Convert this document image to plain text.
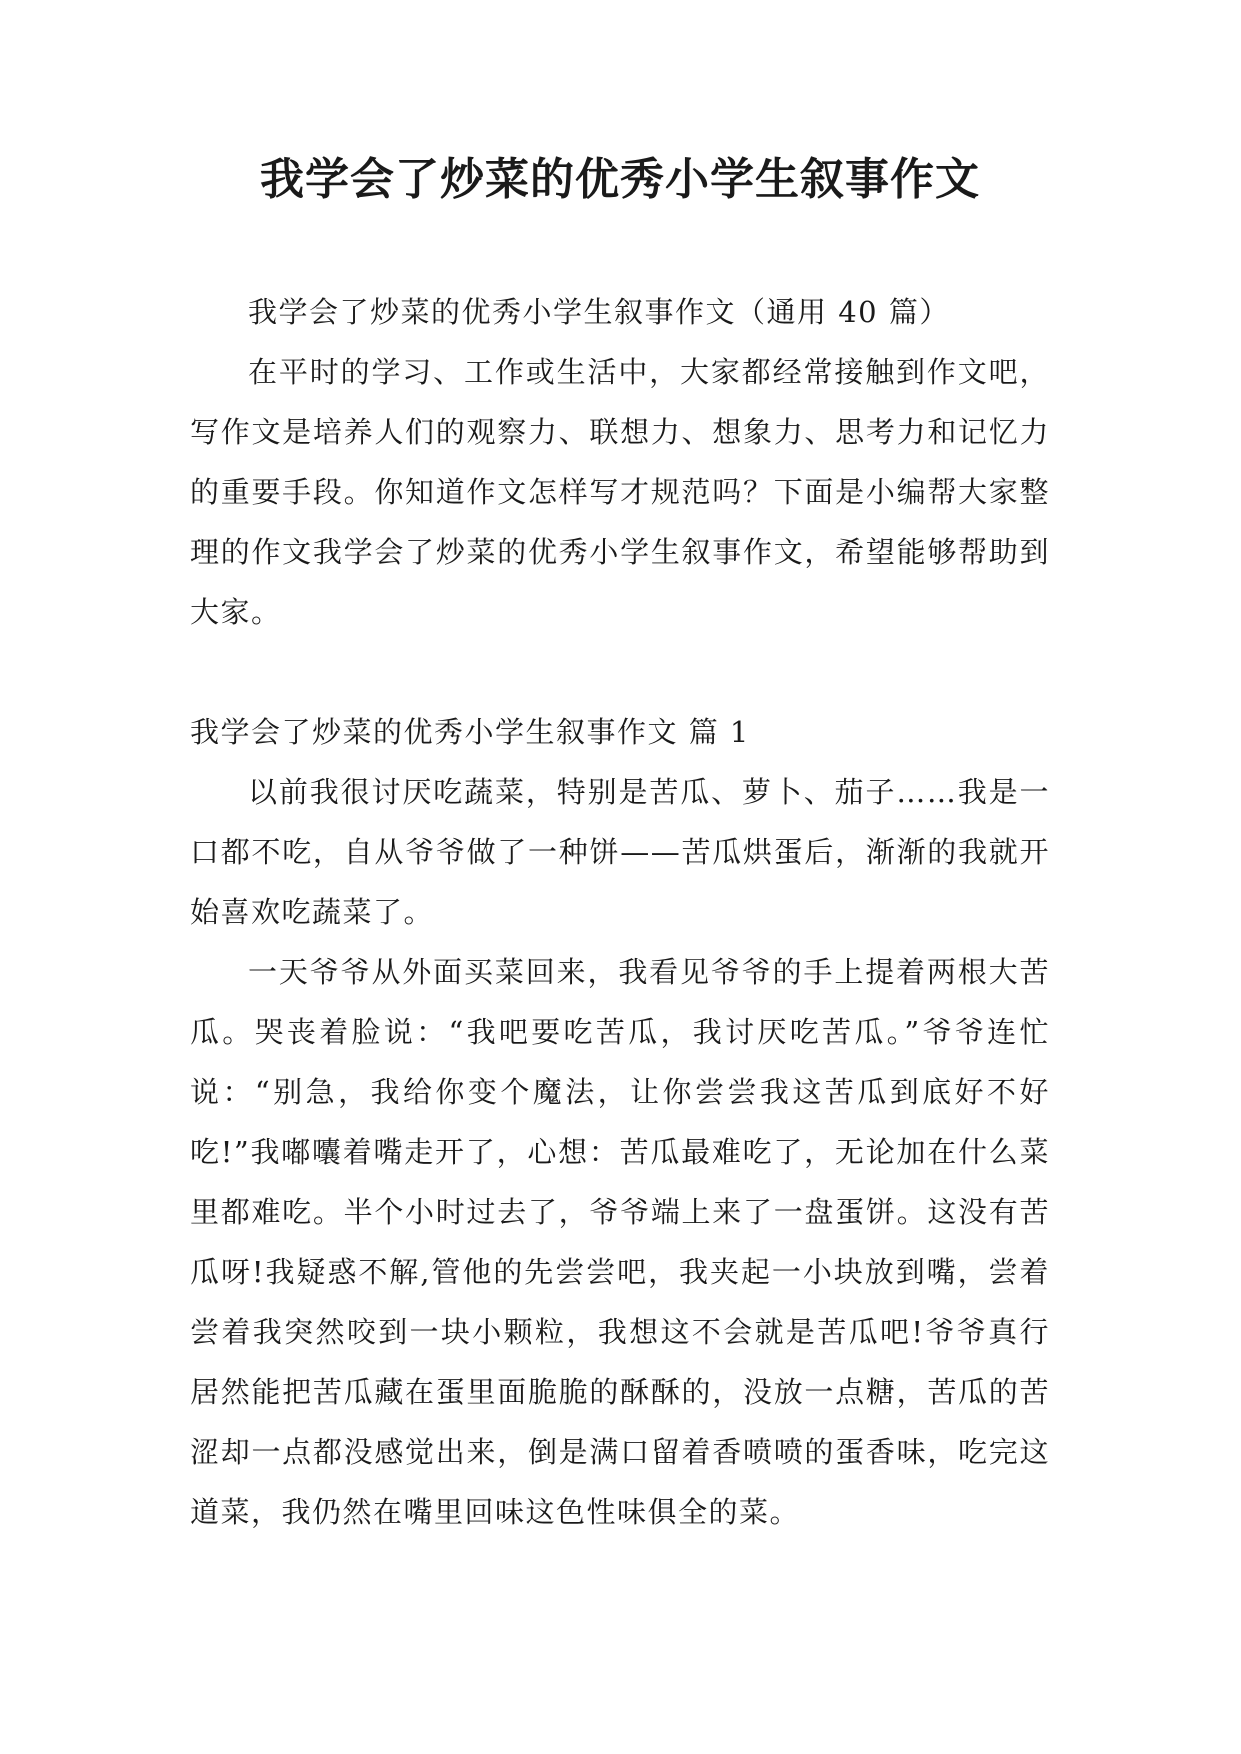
我学会了炒菜的优秀小学生叙事作文

我学会了炒菜的优秀小学生叙事作文（通用 40 篇）

在平时的学习、工作或生活中，大家都经常接触到作文吧，写作文是培养人们的观察力、联想力、想象力、思考力和记忆力的重要手段。你知道作文怎样写才规范吗？下面是小编帮大家整理的作文我学会了炒菜的优秀小学生叙事作文，希望能够帮助到大家。

我学会了炒菜的优秀小学生叙事作文 篇 1

以前我很讨厌吃蔬菜，特别是苦瓜、萝卜、茄子……我是一口都不吃，自从爷爷做了一种饼——苦瓜烘蛋后，渐渐的我就开始喜欢吃蔬菜了。

一天爷爷从外面买菜回来，我看见爷爷的手上提着两根大苦瓜。哭丧着脸说：“我吧要吃苦瓜，我讨厌吃苦瓜。”爷爷连忙说：“别急，我给你变个魔法，让你尝尝我这苦瓜到底好不好吃!”我嘟囔着嘴走开了，心想：苦瓜最难吃了，无论加在什么菜里都难吃。半个小时过去了，爷爷端上来了一盘蛋饼。这没有苦瓜呀!我疑惑不解,管他的先尝尝吧，我夹起一小块放到嘴，尝着尝着我突然咬到一块小颗粒，我想这不会就是苦瓜吧!爷爷真行居然能把苦瓜藏在蛋里面脆脆的酥酥的，没放一点糖，苦瓜的苦涩却一点都没感觉出来，倒是满口留着香喷喷的蛋香味，吃完这道菜，我仍然在嘴里回味这色性味俱全的菜。
